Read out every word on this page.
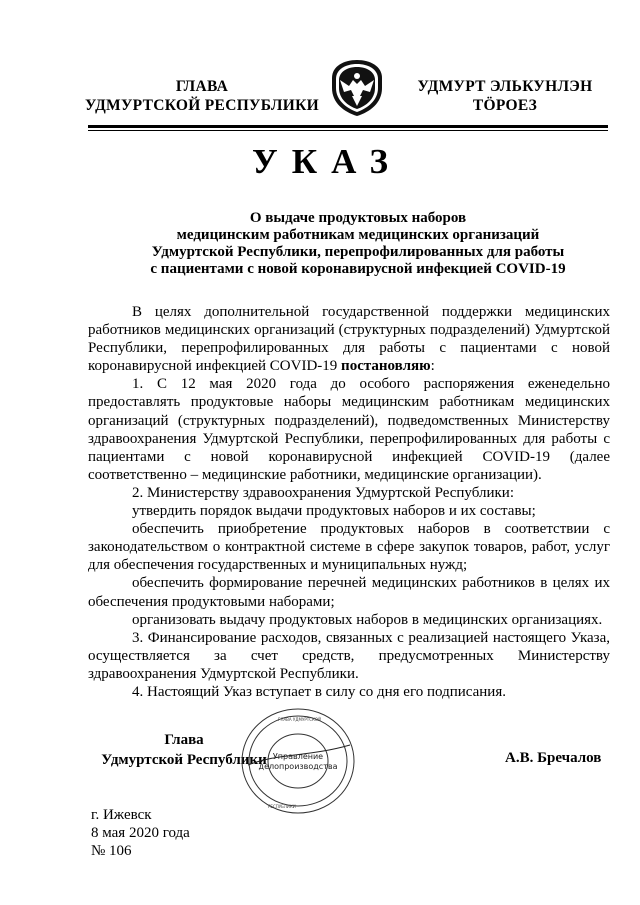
ГЛАВА
УДМУРТСКОЙ РЕСПУБЛИКИ
УДМУРТ ЭЛЬКУНЛЭН
ТӦРОЕЗ
УКАЗ
О выдаче продуктовых наборов
медицинским работникам медицинских организаций
Удмуртской Республики, перепрофилированных для работы
с пациентами с новой коронавирусной инфекцией COVID-19

В целях дополнительной государственной поддержки медицинских работников медицинских организаций (структурных подразделений) Удмуртской Республики, перепрофилированных для работы с пациентами с новой коронавирусной инфекцией COVID-19 постановляю:

1. С 12 мая 2020 года до особого распоряжения еженедельно предоставлять продуктовые наборы медицинским работникам медицинских организаций (структурных подразделений), подведомственных Министерству здравоохранения Удмуртской Республики, перепрофилированных для работы с пациентами с новой коронавирусной инфекцией COVID-19 (далее соответственно – медицинские работники, медицинские организации).

2. Министерству здравоохранения Удмуртской Республики:

утвердить порядок выдачи продуктовых наборов и их составы;

обеспечить приобретение продуктовых наборов в соответствии с законодательством о контрактной системе в сфере закупок товаров, работ, услуг для обеспечения государственных и муниципальных нужд;

обеспечить формирование перечней медицинских работников в целях их обеспечения продуктовыми наборами;

организовать выдачу продуктовых наборов в медицинских организациях.

3. Финансирование расходов, связанных с реализацией настоящего Указа, осуществляется за счет средств, предусмотренных Министерству здравоохранения Удмуртской Республики.

4. Настоящий Указ вступает в силу со дня его подписания.

Глава
Удмуртской Республики
ГЛАВА УДМУРТСКОЙ
РЕСПУБЛИКИ
Управление
делопроизводства
А.В. Бречалов
г. Ижевск
8 мая 2020 года
№ 106
